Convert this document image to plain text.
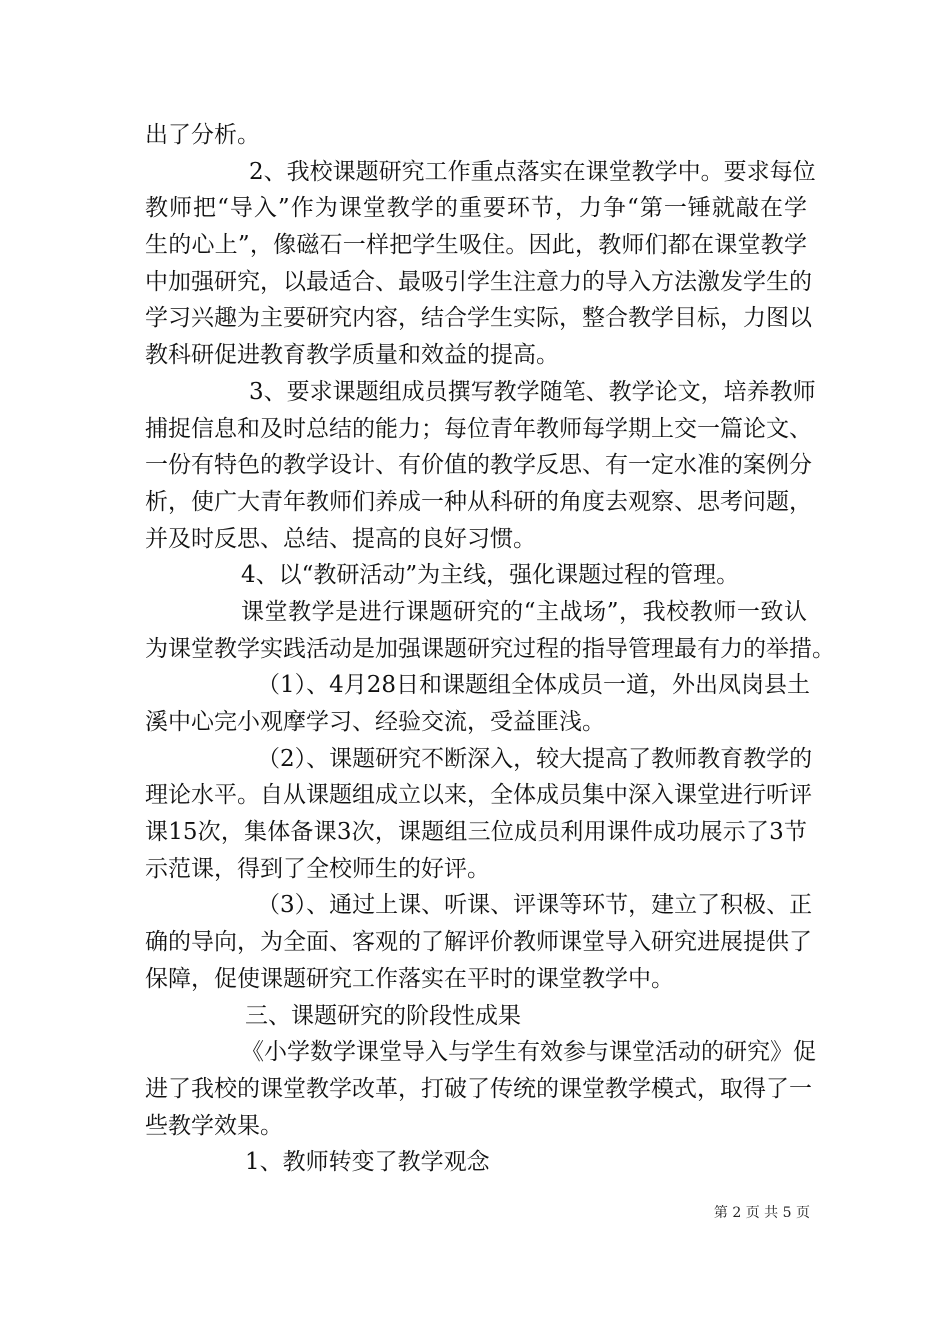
出了分析。
2、我校课题研究工作重点落实在课堂教学中。要求每位
教师把“导入”作为课堂教学的重要环节，力争“第一锤就敲在学
生的心上”，像磁石一样把学生吸住。因此，教师们都在课堂教学
中加强研究，以最适合、最吸引学生注意力的导入方法激发学生的
学习兴趣为主要研究内容，结合学生实际，整合教学目标，力图以
教科研促进教育教学质量和效益的提高。
3、要求课题组成员撰写教学随笔、教学论文，培养教师
捕捉信息和及时总结的能力；每位青年教师每学期上交一篇论文、
一份有特色的教学设计、有价值的教学反思、有一定水准的案例分
析，使广大青年教师们养成一种从科研的角度去观察、思考问题，
并及时反思、总结、提高的良好习惯。
4、以“教研活动”为主线，强化课题过程的管理。
课堂教学是进行课题研究的“主战场”，我校教师一致认
为课堂教学实践活动是加强课题研究过程的指导管理最有力的举措。
（1）、4月28日和课题组全体成员一道，外出凤岗县土
溪中心完小观摩学习、经验交流，受益匪浅。
（2）、课题研究不断深入，较大提高了教师教育教学的
理论水平。自从课题组成立以来，全体成员集中深入课堂进行听评
课15次，集体备课3次，课题组三位成员利用课件成功展示了3节
示范课，得到了全校师生的好评。
（3）、通过上课、听课、评课等环节，建立了积极、正
确的导向，为全面、客观的了解评价教师课堂导入研究进展提供了
保障，促使课题研究工作落实在平时的课堂教学中。
三、课题研究的阶段性成果
《小学数学课堂导入与学生有效参与课堂活动的研究》促
进了我校的课堂教学改革，打破了传统的课堂教学模式，取得了一
些教学效果。
1、教师转变了教学观念
第 2 页 共 5 页
